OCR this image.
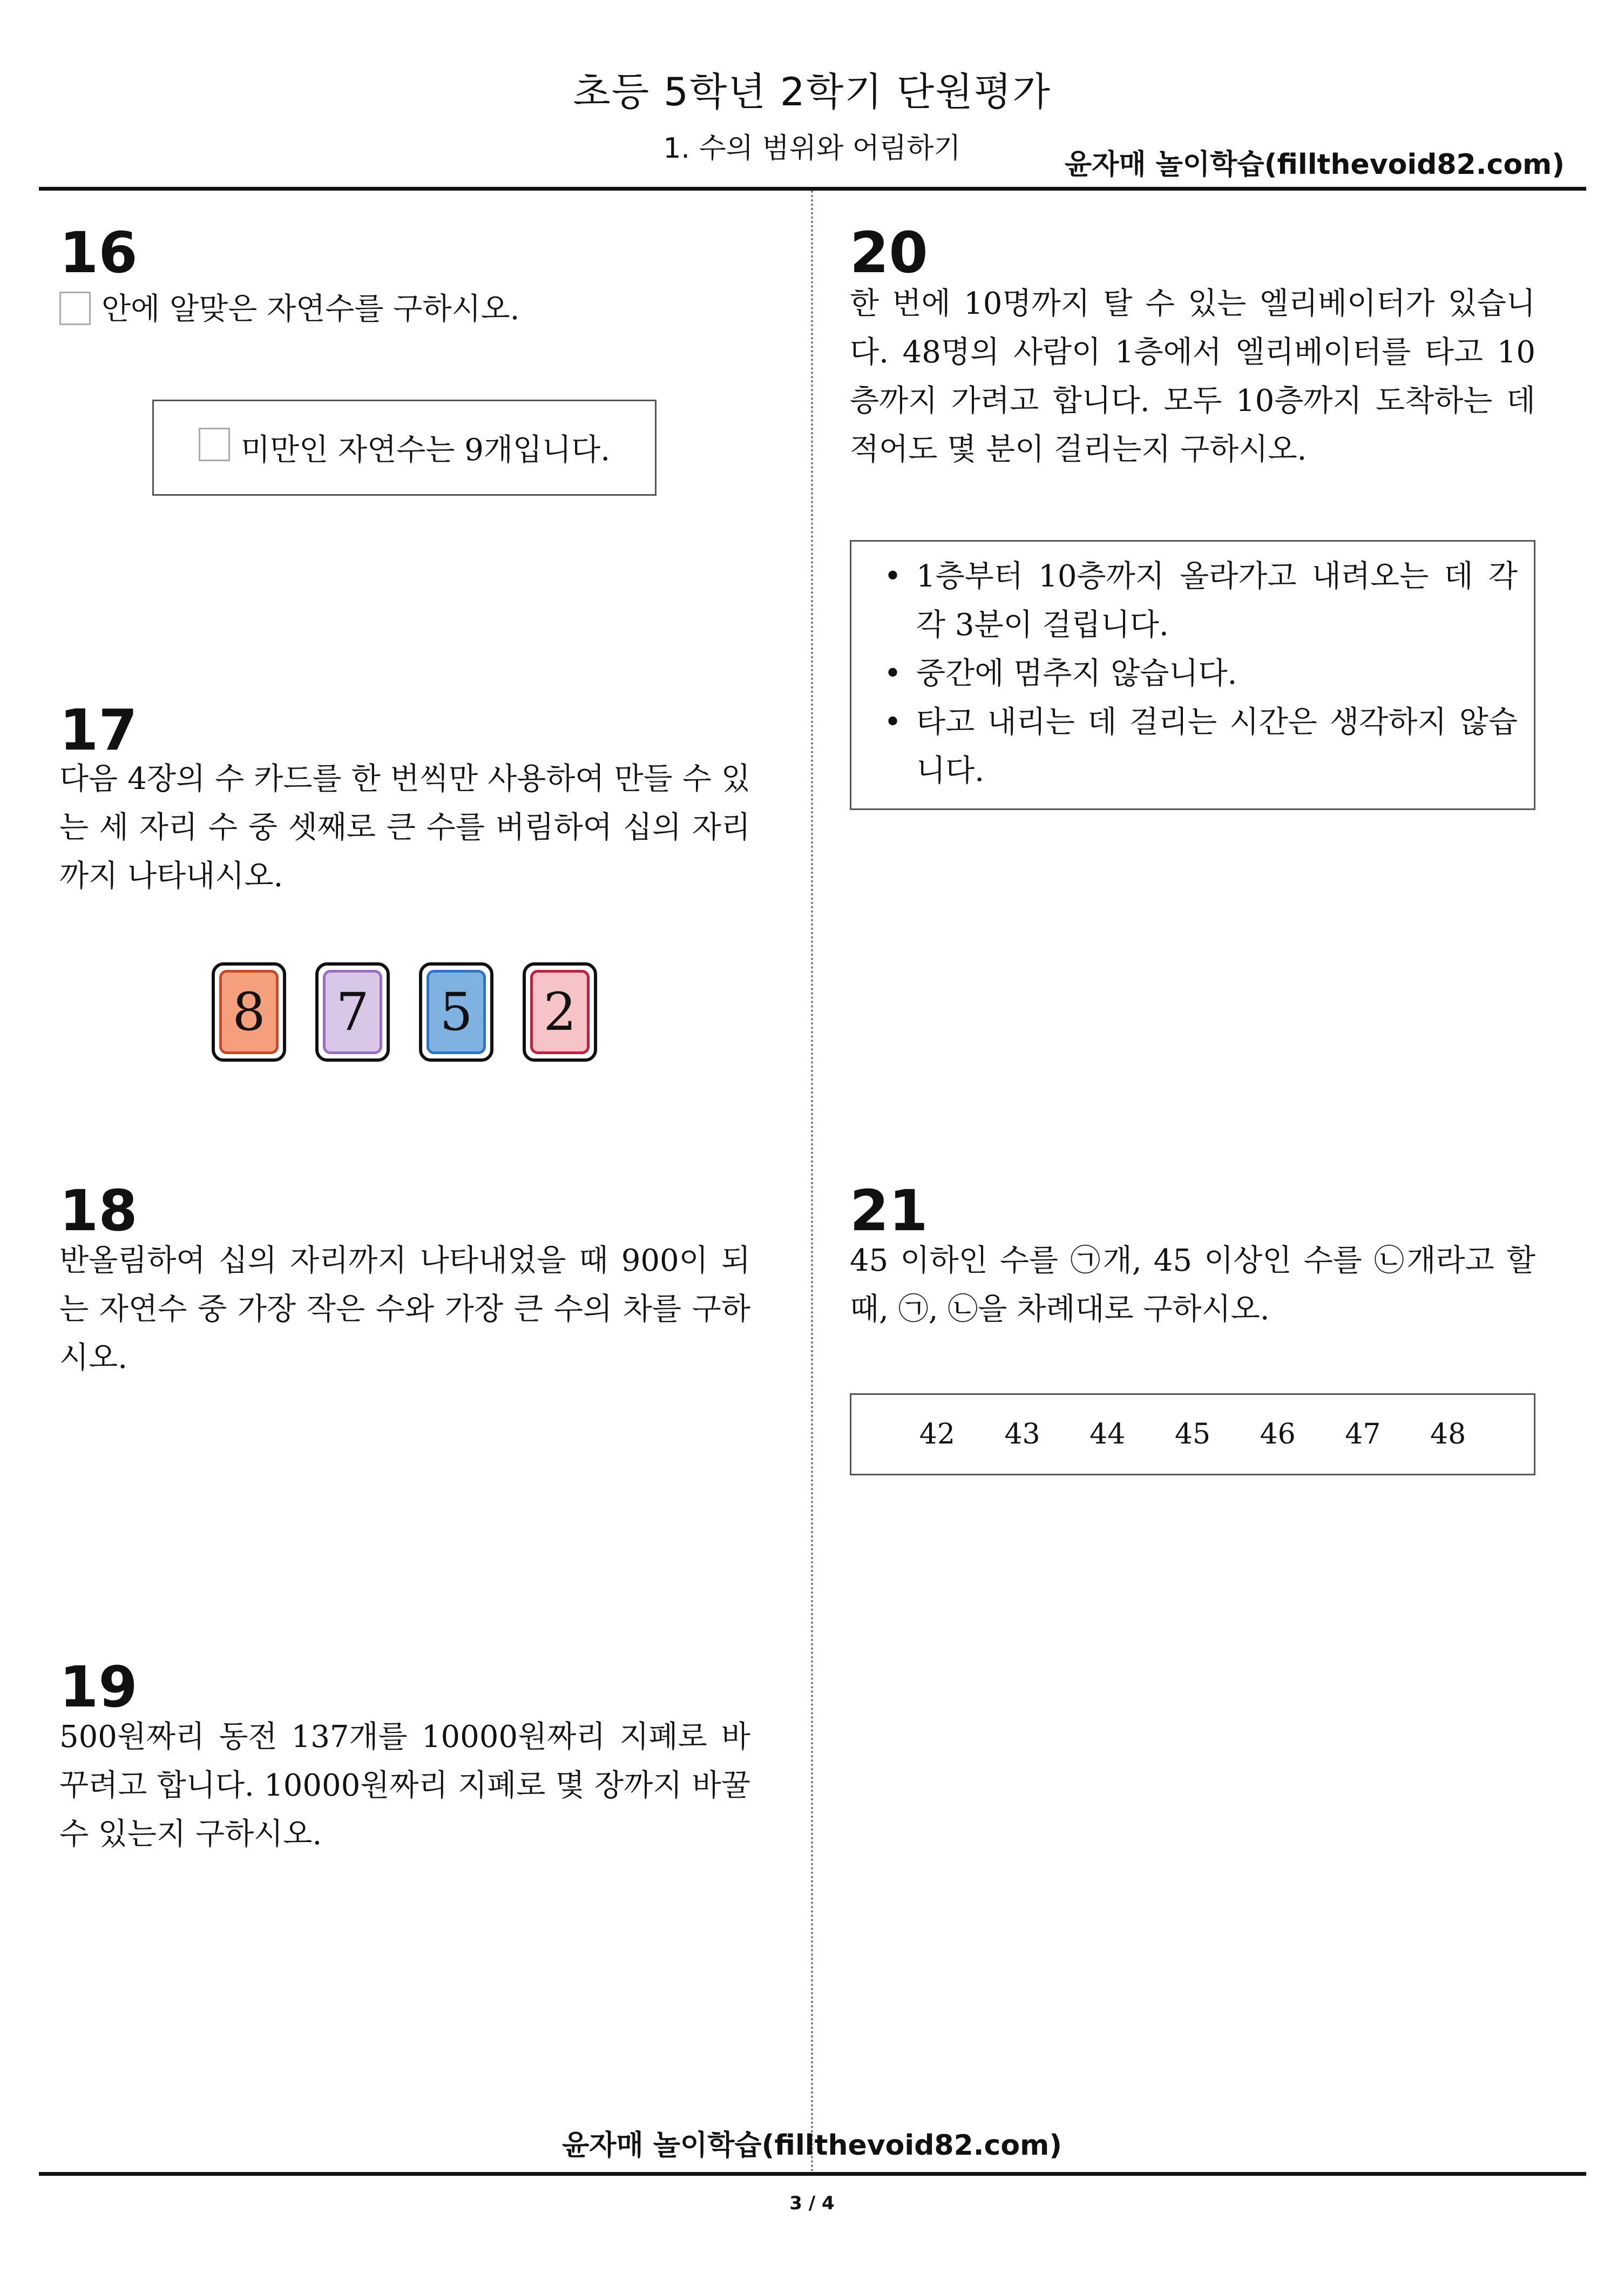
초등 5학년 2학기 단원평가
1. 수의 범위와 어림하기	윤자매 놀이학습(fillthevoid82.com)
16
안에 알맞은 자연수를 구하시오.
미만인 자연수는 9개입니다.
17
다음 4장의 수 카드를 한 번씩만 사용하여 만들 수 있는 세 자리 수 중 셋째로 큰 수를 버림하여 십의 자리까지 나타내시오.
8 7 5 2
18
반올림하여 십의 자리까지 나타내었을 때 900이 되는 자연수 중 가장 작은 수와 가장 큰 수의 차를 구하시오.
19
500원짜리 동전 137개를 10000원짜리 지폐로 바꾸려고 합니다. 10000원짜리 지폐로 몇 장까지 바꿀 수 있는지 구하시오.
20
한 번에 10명까지 탈 수 있는 엘리베이터가 있습니다. 48명의 사람이 1층에서 엘리베이터를 타고 10층까지 가려고 합니다. 모두 10층까지 도착하는 데 적어도 몇 분이 걸리는지 구하시오.
• 1층부터 10층까지 올라가고 내려오는 데 각각 3분이 걸립니다.
• 중간에 멈추지 않습니다.
• 타고 내리는 데 걸리는 시간은 생각하지 않습니다.
21
45 이하인 수를 ㉠개, 45 이상인 수를 ㉡개라고 할 때, ㉠, ㉡을 차례대로 구하시오.
42 43 44 45 46 47 48
윤자매 놀이학습(fillthevoid82.com)
3 / 4
